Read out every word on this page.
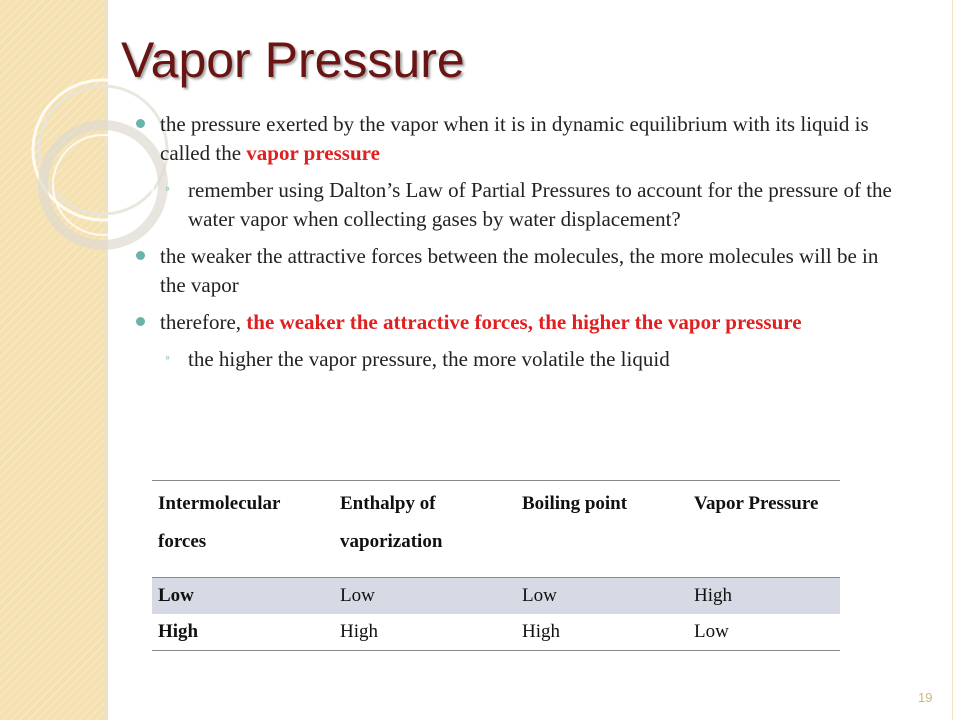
Vapor Pressure
the pressure exerted by the vapor when it is in dynamic equilibrium with its liquid is called the vapor pressure
◦ remember using Dalton’s Law of Partial Pressures to account for the pressure of the water vapor when collecting gases by water displacement?
the weaker the attractive forces between the molecules, the more molecules will be in the vapor
therefore, the weaker the attractive forces, the higher the vapor pressure
◦ the higher the vapor pressure, the more volatile the liquid
Intermolecular forces	Enthalpy of vaporization	Boiling point	Vapor Pressure
Low	Low	Low	High
High	High	High	Low
19
